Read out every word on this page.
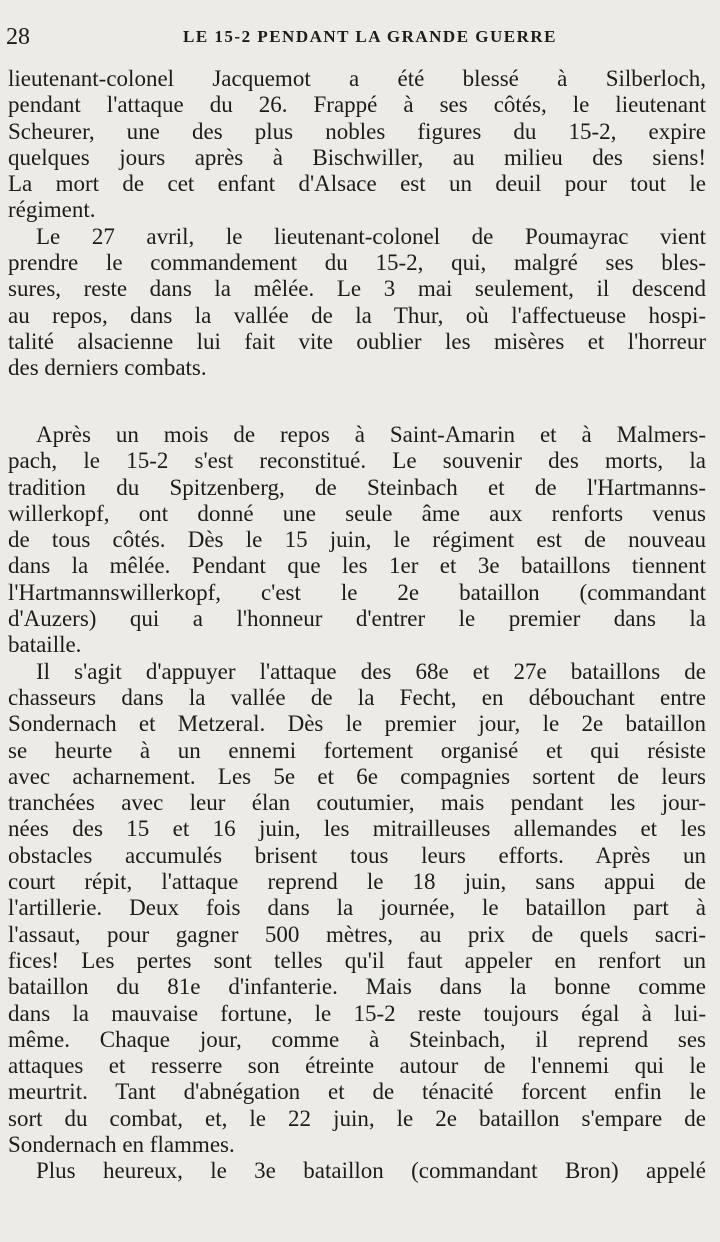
28	LE 15-2 PENDANT LA GRANDE GUERRE
lieutenant-colonel Jacquemot a été blessé à Silberloch,
pendant l'attaque du 26. Frappé à ses côtés, le lieutenant
Scheurer, une des plus nobles figures du 15-2, expire
quelques jours après à Bischwiller, au milieu des siens!
La mort de cet enfant d'Alsace est un deuil pour tout le
régiment.
Le 27 avril, le lieutenant-colonel de Poumayrac vient
prendre le commandement du 15-2, qui, malgré ses bles-
sures, reste dans la mêlée. Le 3 mai seulement, il descend
au repos, dans la vallée de la Thur, où l'affectueuse hospi-
talité alsacienne lui fait vite oublier les misères et l'horreur
des derniers combats.
Après un mois de repos à Saint-Amarin et à Malmers-
pach, le 15-2 s'est reconstitué. Le souvenir des morts, la
tradition du Spitzenberg, de Steinbach et de l'Hartmanns-
willerkopf, ont donné une seule âme aux renforts venus
de tous côtés. Dès le 15 juin, le régiment est de nouveau
dans la mêlée. Pendant que les 1er et 3e bataillons tiennent
l'Hartmannswillerkopf, c'est le 2e bataillon (commandant
d'Auzers) qui a l'honneur d'entrer le premier dans la
bataille.
Il s'agit d'appuyer l'attaque des 68e et 27e bataillons de
chasseurs dans la vallée de la Fecht, en débouchant entre
Sondernach et Metzeral. Dès le premier jour, le 2e bataillon
se heurte à un ennemi fortement organisé et qui résiste
avec acharnement. Les 5e et 6e compagnies sortent de leurs
tranchées avec leur élan coutumier, mais pendant les jour-
nées des 15 et 16 juin, les mitrailleuses allemandes et les
obstacles accumulés brisent tous leurs efforts. Après un
court répit, l'attaque reprend le 18 juin, sans appui de
l'artillerie. Deux fois dans la journée, le bataillon part à
l'assaut, pour gagner 500 mètres, au prix de quels sacri-
fices! Les pertes sont telles qu'il faut appeler en renfort un
bataillon du 81e d'infanterie. Mais dans la bonne comme
dans la mauvaise fortune, le 15-2 reste toujours égal à lui-
même. Chaque jour, comme à Steinbach, il reprend ses
attaques et resserre son étreinte autour de l'ennemi qui le
meurtrit. Tant d'abnégation et de ténacité forcent enfin le
sort du combat, et, le 22 juin, le 2e bataillon s'empare de
Sondernach en flammes.
Plus heureux, le 3e bataillon (commandant Bron) appelé
